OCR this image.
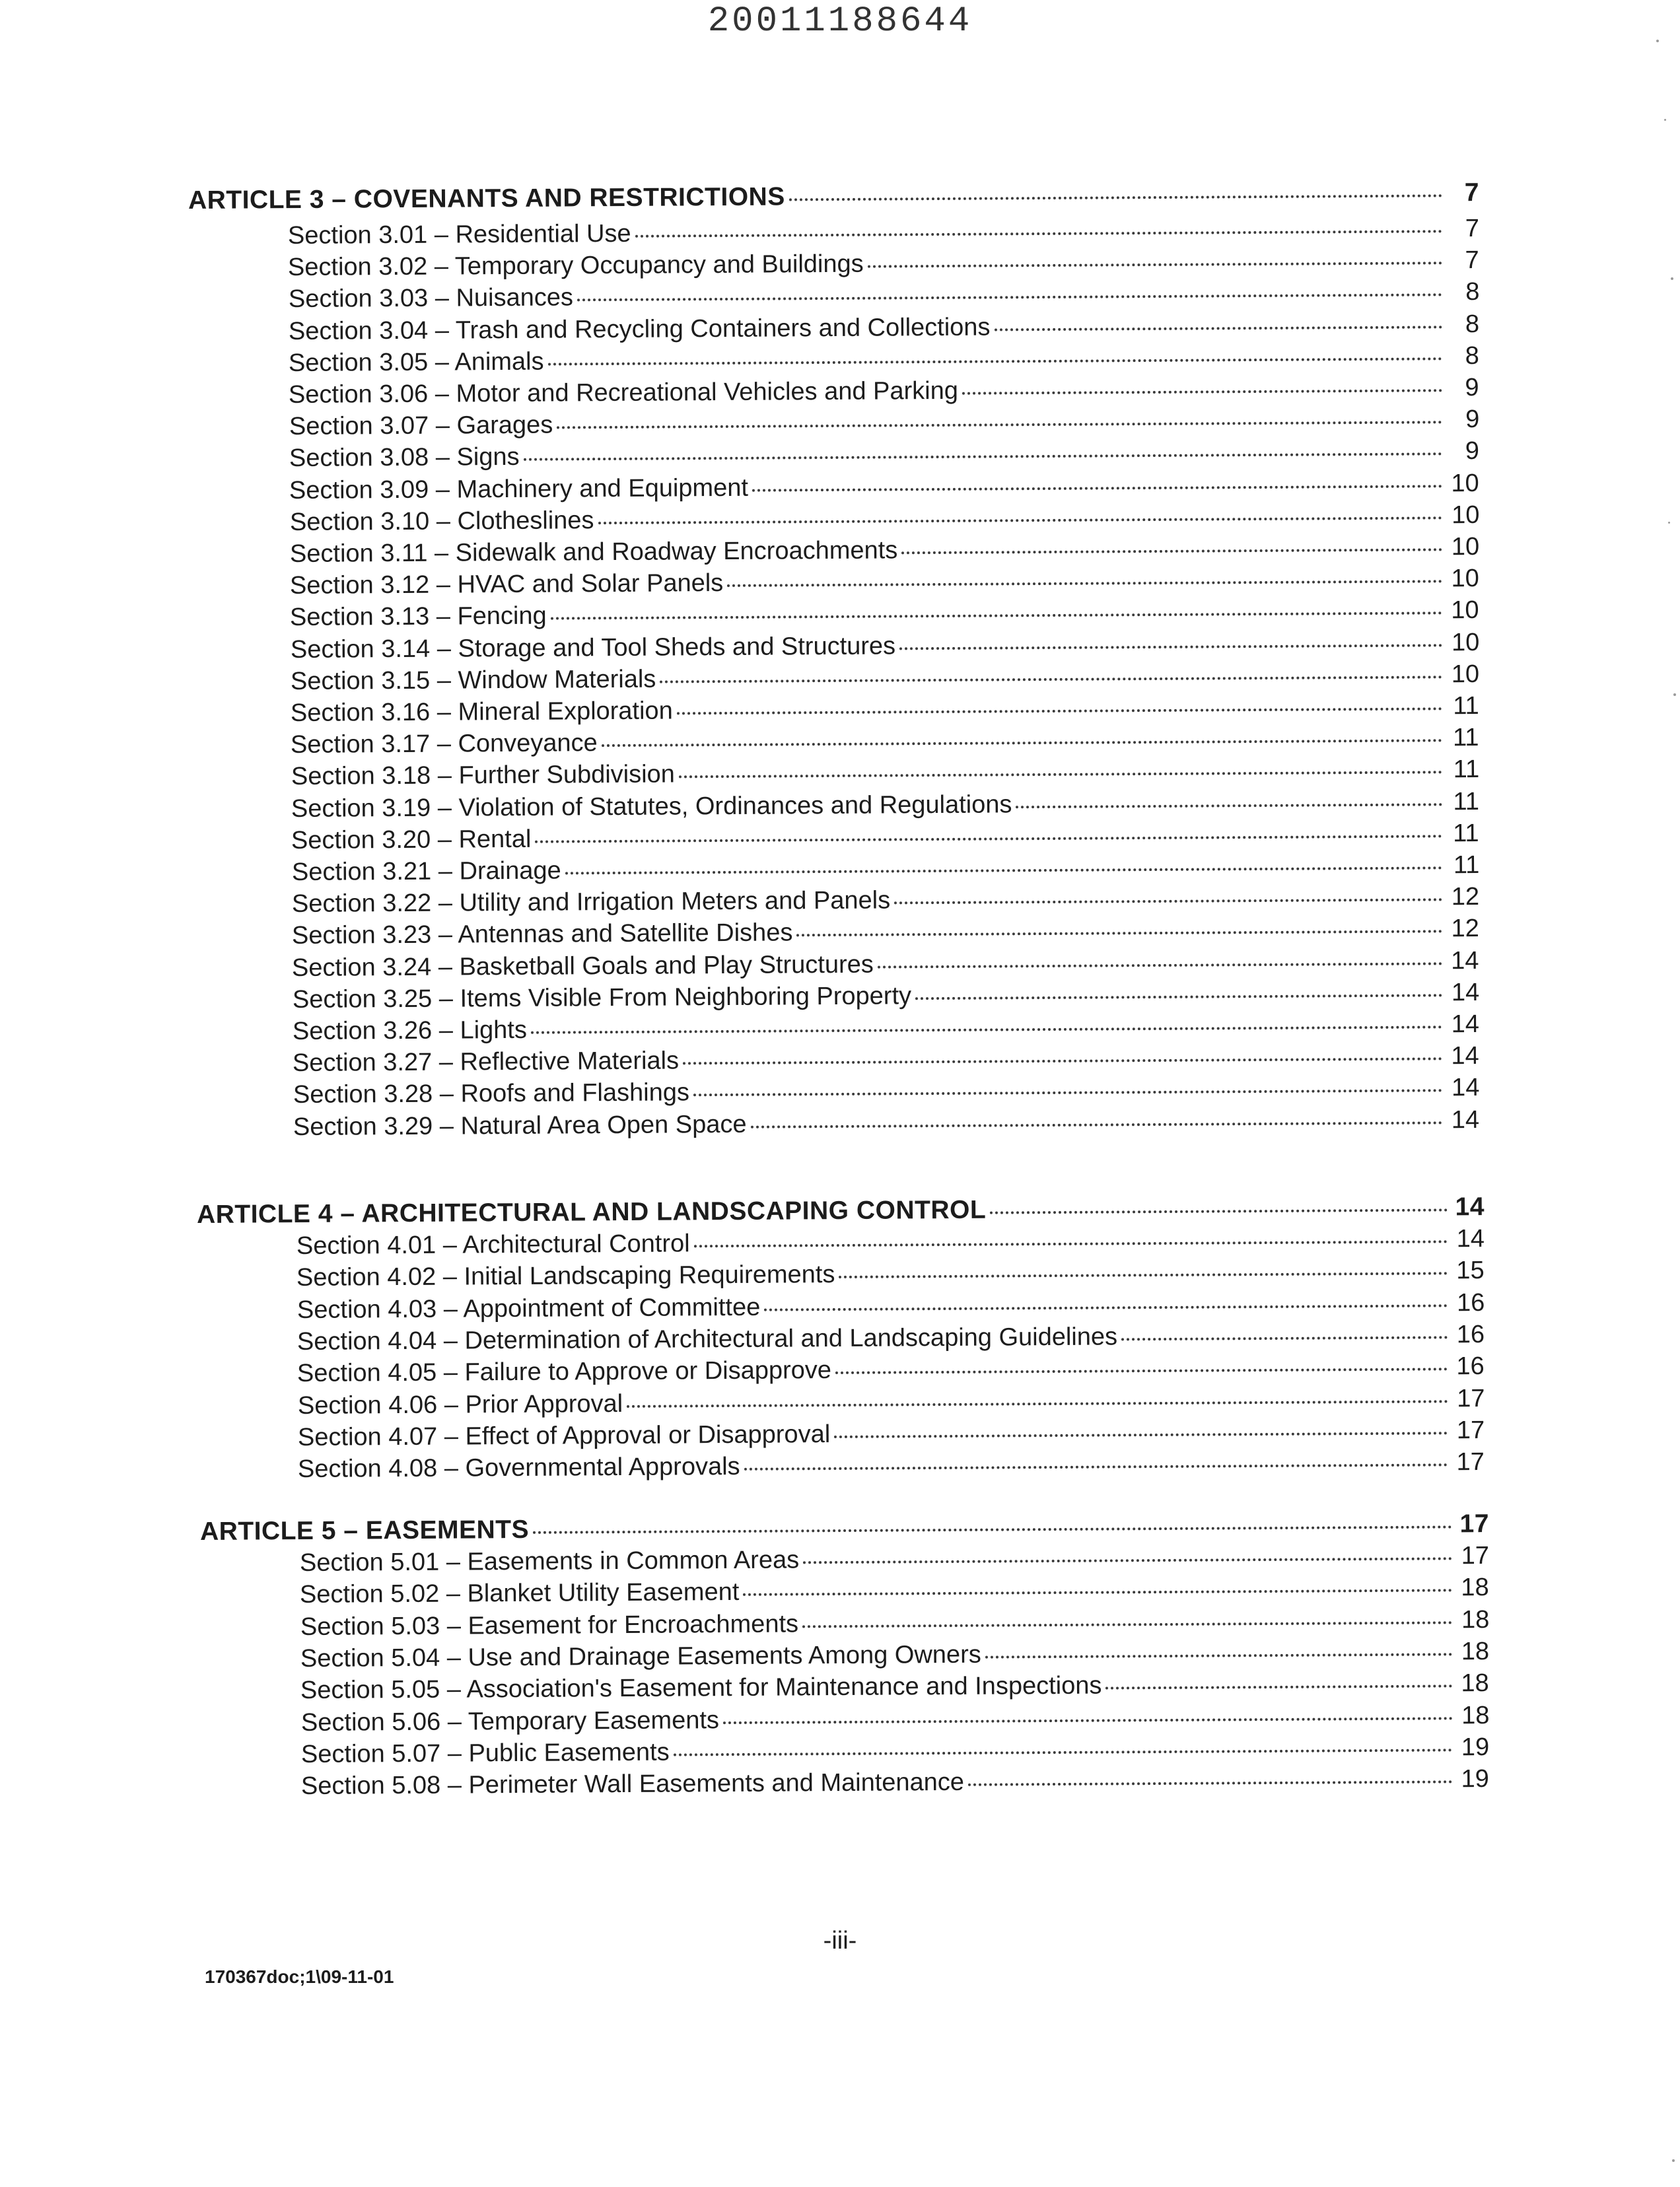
20011188644
ARTICLE 3 – COVENANTS AND RESTRICTIONS	7
Section 3.01 – Residential Use	7
Section 3.02 – Temporary Occupancy and Buildings	7
Section 3.03 – Nuisances	8
Section 3.04 – Trash and Recycling Containers and Collections	8
Section 3.05 – Animals	8
Section 3.06 – Motor and Recreational Vehicles and Parking	9
Section 3.07 – Garages	9
Section 3.08 – Signs	9
Section 3.09 – Machinery and Equipment	10
Section 3.10 – Clotheslines	10
Section 3.11 – Sidewalk and Roadway Encroachments	10
Section 3.12 – HVAC and Solar Panels	10
Section 3.13 – Fencing	10
Section 3.14 – Storage and Tool Sheds and Structures	10
Section 3.15 – Window Materials	10
Section 3.16 – Mineral Exploration	11
Section 3.17 – Conveyance	11
Section 3.18 – Further Subdivision	11
Section 3.19 – Violation of Statutes, Ordinances and Regulations	11
Section 3.20 – Rental	11
Section 3.21 – Drainage	11
Section 3.22 – Utility and Irrigation Meters and Panels	12
Section 3.23 – Antennas and Satellite Dishes	12
Section 3.24 – Basketball Goals and Play Structures	14
Section 3.25 – Items Visible From Neighboring Property	14
Section 3.26 – Lights	14
Section 3.27 – Reflective Materials	14
Section 3.28 – Roofs and Flashings	14
Section 3.29 – Natural Area Open Space	14
ARTICLE 4 – ARCHITECTURAL AND LANDSCAPING CONTROL	14
Section 4.01 – Architectural Control	14
Section 4.02 – Initial Landscaping Requirements	15
Section 4.03 – Appointment of Committee	16
Section 4.04 – Determination of Architectural and Landscaping Guidelines	16
Section 4.05 – Failure to Approve or Disapprove	16
Section 4.06 – Prior Approval	17
Section 4.07 – Effect of Approval or Disapproval	17
Section 4.08 – Governmental Approvals	17
ARTICLE 5 – EASEMENTS	17
Section 5.01 – Easements in Common Areas	17
Section 5.02 – Blanket Utility Easement	18
Section 5.03 – Easement for Encroachments	18
Section 5.04 – Use and Drainage Easements Among Owners	18
Section 5.05 – Association's Easement for Maintenance and Inspections	18
Section 5.06 – Temporary Easements	18
Section 5.07 – Public Easements	19
Section 5.08 – Perimeter Wall Easements and Maintenance	19
-iii-
170367doc;1\09-11-01
